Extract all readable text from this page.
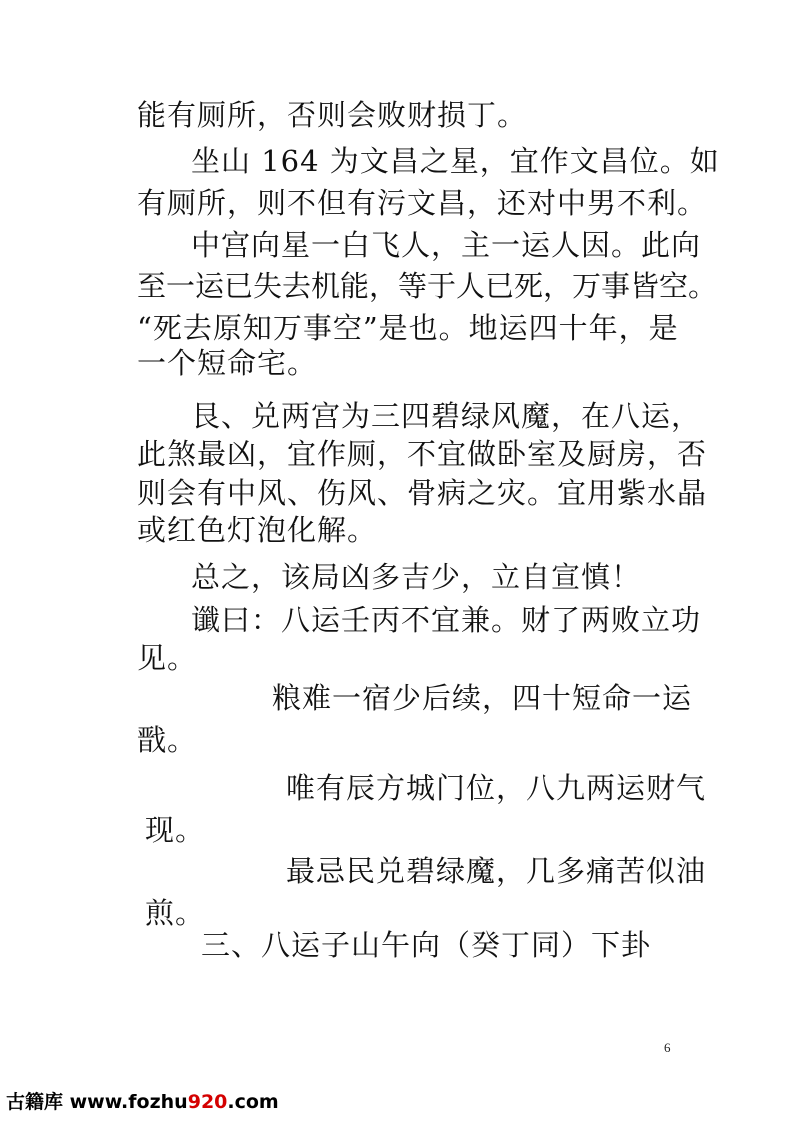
能有厕所，否则会败财损丁。
坐山 164 为文昌之星，宜作文昌位。如
有厕所，则不但有污文昌，还对中男不利。
中宫向星一白飞人，主一运人因。此向
至一运已失去机能，等于人已死，万事皆空。
“死去原知万事空”是也。地运四十年，是
一个短命宅。
艮、兑两宫为三四碧绿风魔，在八运，
此煞最凶，宜作厕，不宜做卧室及厨房，否
则会有中风、伤风、骨病之灾。宜用紫水晶
或红色灯泡化解。
总之，该局凶多吉少，立自宣慎！
谶曰：八运壬丙不宜兼。财了两败立功
见。
粮难一宿少后续，四十短命一运
戬。
唯有辰方城门位，八九两运财气
现。
最忌民兑碧绿魔，几多痛苦似油
煎。
三、八运子山午向（癸丁同）下卦
6
古籍库 www.fozhu920.com
